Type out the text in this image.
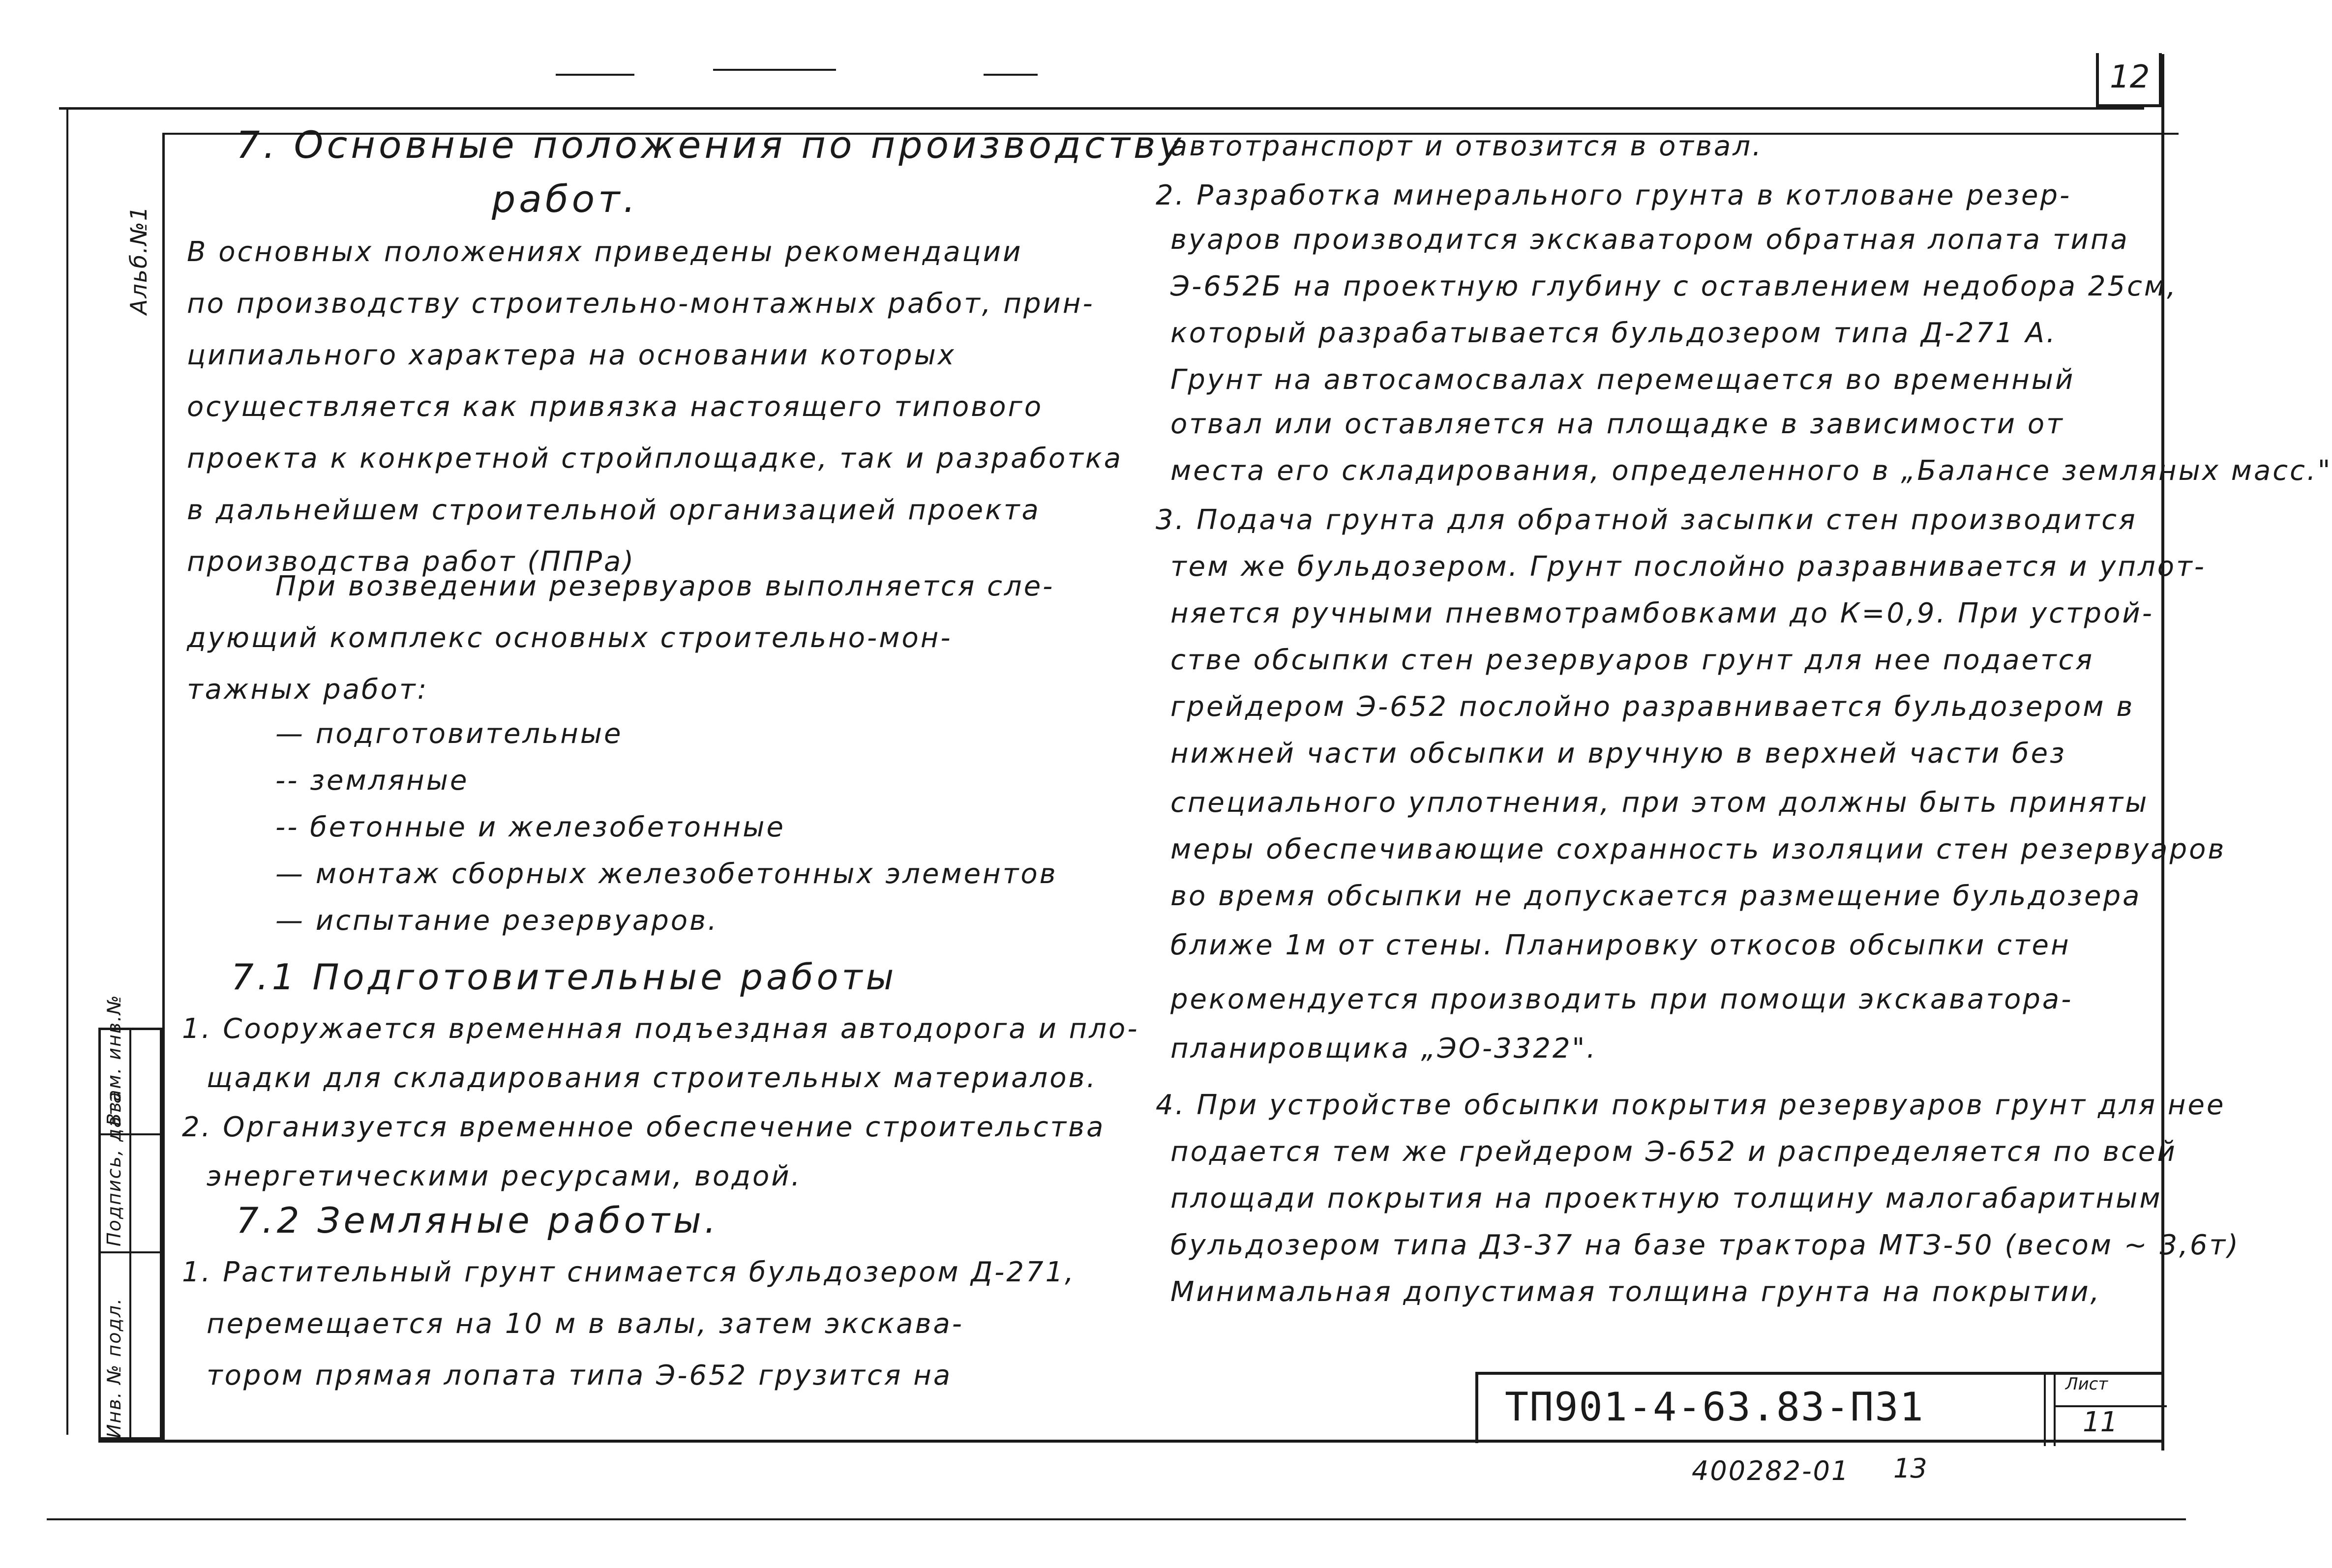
12
Альб.№1
Инв. № подл.
Подпись, дата
Взам. инв.№
7. Основные положения по производству
работ.
В основных положениях приведены рекомендации
по производству строительно-монтажных работ, прин-
ципиального характера на основании которых
осуществляется как привязка настоящего типового
проекта к конкретной стройплощадке, так и разработка
в дальнейшем строительной организацией проекта
производства работ (ППРа)
При возведении резервуаров выполняется сле-
дующий комплекс основных строительно-мон-
тажных работ:
— подготовительные
-- земляные
-- бетонные и железобетонные
— монтаж сборных железобетонных элементов
— испытание резервуаров.
7.1 Подготовительные работы
1. Сооружается временная подъездная автодорога и пло-
щадки для складирования строительных материалов.
2. Организуется временное обеспечение строительства
энергетическими ресурсами, водой.
7.2 Земляные работы.
1. Растительный грунт снимается бульдозером Д-271,
перемещается на 10 м в валы, затем экскава-
тором прямая лопата типа Э-652 грузится на
автотранспорт и отвозится в отвал.
2. Разработка минерального грунта в котловане резер-
вуаров производится экскаватором обратная лопата типа
Э-652Б на проектную глубину с оставлением недобора 25см,
который разрабатывается бульдозером типа Д-271 А.
Грунт на автосамосвалах перемещается во временный
отвал или оставляется на площадке в зависимости от
места его складирования, определенного в „Балансе земляных масс."
3. Подача грунта для обратной засыпки стен производится
тем же бульдозером. Грунт послойно разравнивается и уплот-
няется ручными пневмотрамбовками до К=0,9. При устрой-
стве обсыпки стен резервуаров грунт для нее подается
грейдером Э-652 послойно разравнивается бульдозером в
нижней части обсыпки и вручную в верхней части без
специального уплотнения, при этом должны быть приняты
меры обеспечивающие сохранность изоляции стен резервуаров
во время обсыпки не допускается размещение бульдозера
ближе 1м от стены. Планировку откосов обсыпки стен
рекомендуется производить при помощи экскаватора-
планировщика „ЭО-3322".
4. При устройстве обсыпки покрытия резервуаров грунт для нее
подается тем же грейдером Э-652 и распределяется по всей
площади покрытия на проектную толщину малогабаритным
бульдозером типа ДЗ-37 на базе трактора МТЗ-50 (весом ~ 3,6т)
Минимальная допустимая толщина грунта на покрытии,
ТП901-4-63.83-П31	Лист
11
400282-01 13
